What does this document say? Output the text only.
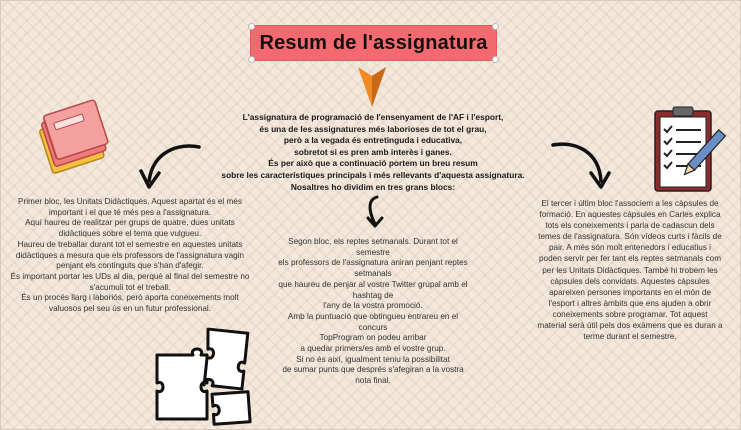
Resum de l'assignatura
L'assignatura de programació de l'ensenyament de l'AF i l'esport,
és una de les assignatures més laborioses de tot el grau,
però a la vegada és entretinguda i educativa,
sobretot si es pren amb interès i ganes.
És per això que a continuació portem un breu resum
sobre les característiques principals i més rellevants d'aquesta assignatura.
Nosaltres ho dividim en tres grans blocs:
Primer bloc, les Unitats Didàctiques. Aquest apartat és el més
important i el que té més pes a l'assignatura.
Aquí haureu de realitzar per grups de quatre, dues unitats
didàctiques sobre el tema que vulgueu.
Haureu de treballar durant tot el semestre en aquestes unitats
didàctiques a mesura que els professors de l'assignatura vagin
penjant els continguts que s'han d'afegir.
És important portar les UDs al dia, perquè al final del semestre no
s'acumuli tot el treball.
És un procés llarg i laboriós, però aporta coneixements molt
valuosos pel seu ús en un futur professional.
Segon bloc, els reptes setmanals. Durant tot el
semestre
els professors de l'assignatura aniran penjant reptes
setmanals
que haureu de penjar al vostre Twitter grupal amb el
hashtag de
l'any de la vostra promoció.
Amb la puntuació que obtingueu entrareu en el
concurs
TopProgram on podeu arribar
a quedar primers/es amb el vostre grup.
Si no és així, igualment teniu la possibilitat
de sumar punts que després s'afegiran a la vostra
nota final.
El tercer i últim bloc l'associem a les càpsules de
formació. En aquestes càpsules en Carles explica
tots els coneixements i parla de cadascun dels
temes de l'assignatura. Són vídeos curts i fàcils de
pair. A més són molt entenedors i educatius i
poden servir per fer tant els reptes setmanals com
per les Unitats Didàctiques. També hi trobem les
càpsules dels convidats. Aquestes càpsules
apareixen persones importants en el món de
l'esport i altres àmbits que ens ajuden a obrir
coneixements sobre programar. Tot aquest
material serà útil pels dos exàmens que es duran a
terme durant el semestre.
